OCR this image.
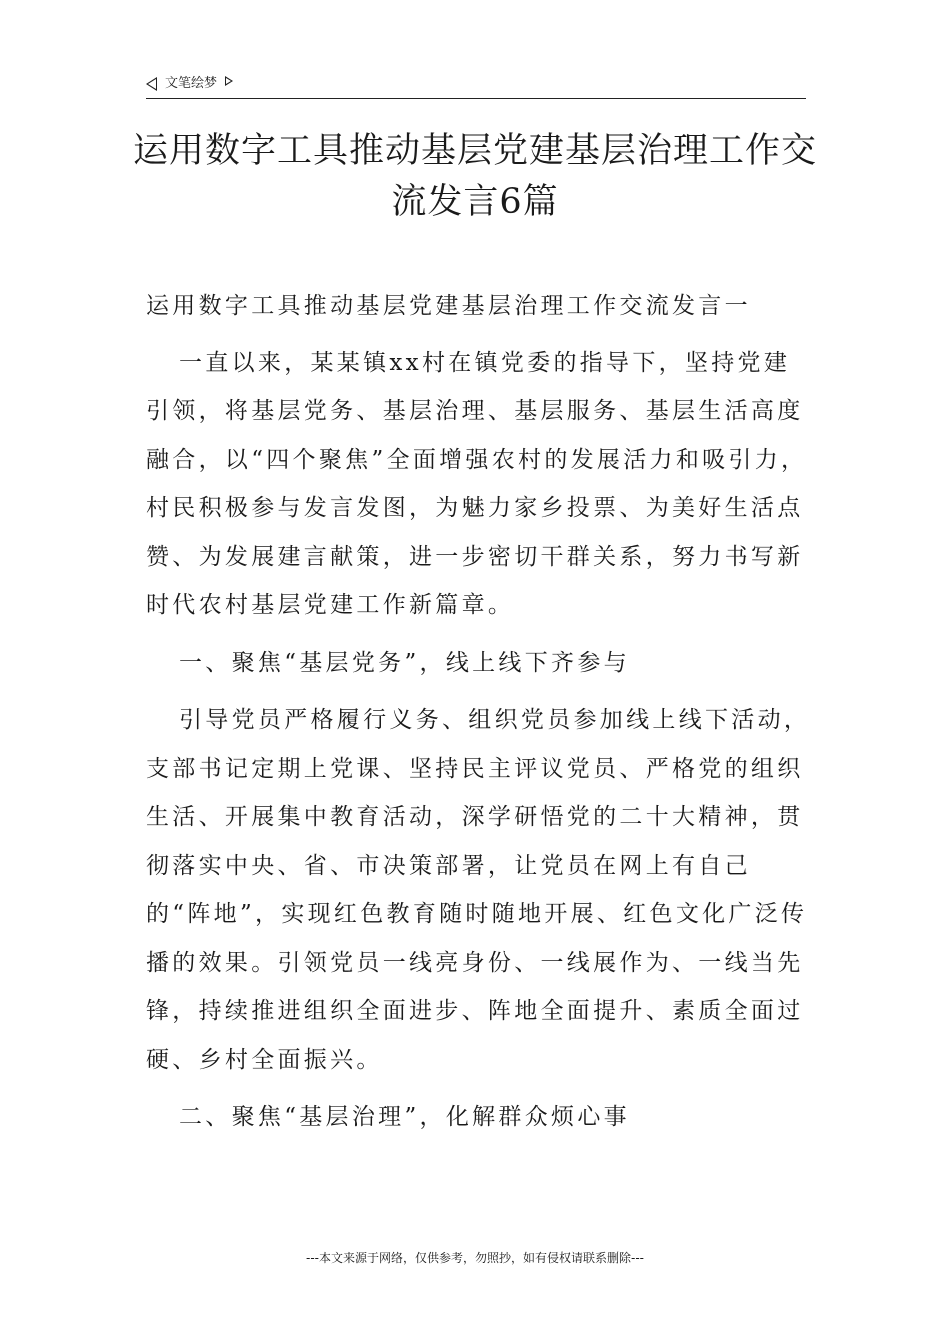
文笔绘梦
运用数字工具推动基层党建基层治理工作交流发言6篇

运用数字工具推动基层党建基层治理工作交流发言一

一直以来，某某镇xx村在镇党委的指导下，坚持党建引领，将基层党务、基层治理、基层服务、基层生活高度融合，以“四个聚焦”全面增强农村的发展活力和吸引力，村民积极参与发言发图，为魅力家乡投票、为美好生活点赞、为发展建言献策，进一步密切干群关系，努力书写新时代农村基层党建工作新篇章。

一、聚焦“基层党务”，线上线下齐参与

引导党员严格履行义务、组织党员参加线上线下活动，支部书记定期上党课、坚持民主评议党员、严格党的组织生活、开展集中教育活动，深学研悟党的二十大精神，贯彻落实中央、省、市决策部署，让党员在网上有自己的“阵地”，实现红色教育随时随地开展、红色文化广泛传播的效果。引领党员一线亮身份、一线展作为、一线当先锋，持续推进组织全面进步、阵地全面提升、素质全面过硬、乡村全面振兴。

二、聚焦“基层治理”，化解群众烦心事

---本文来源于网络，仅供参考，勿照抄，如有侵权请联系删除---
